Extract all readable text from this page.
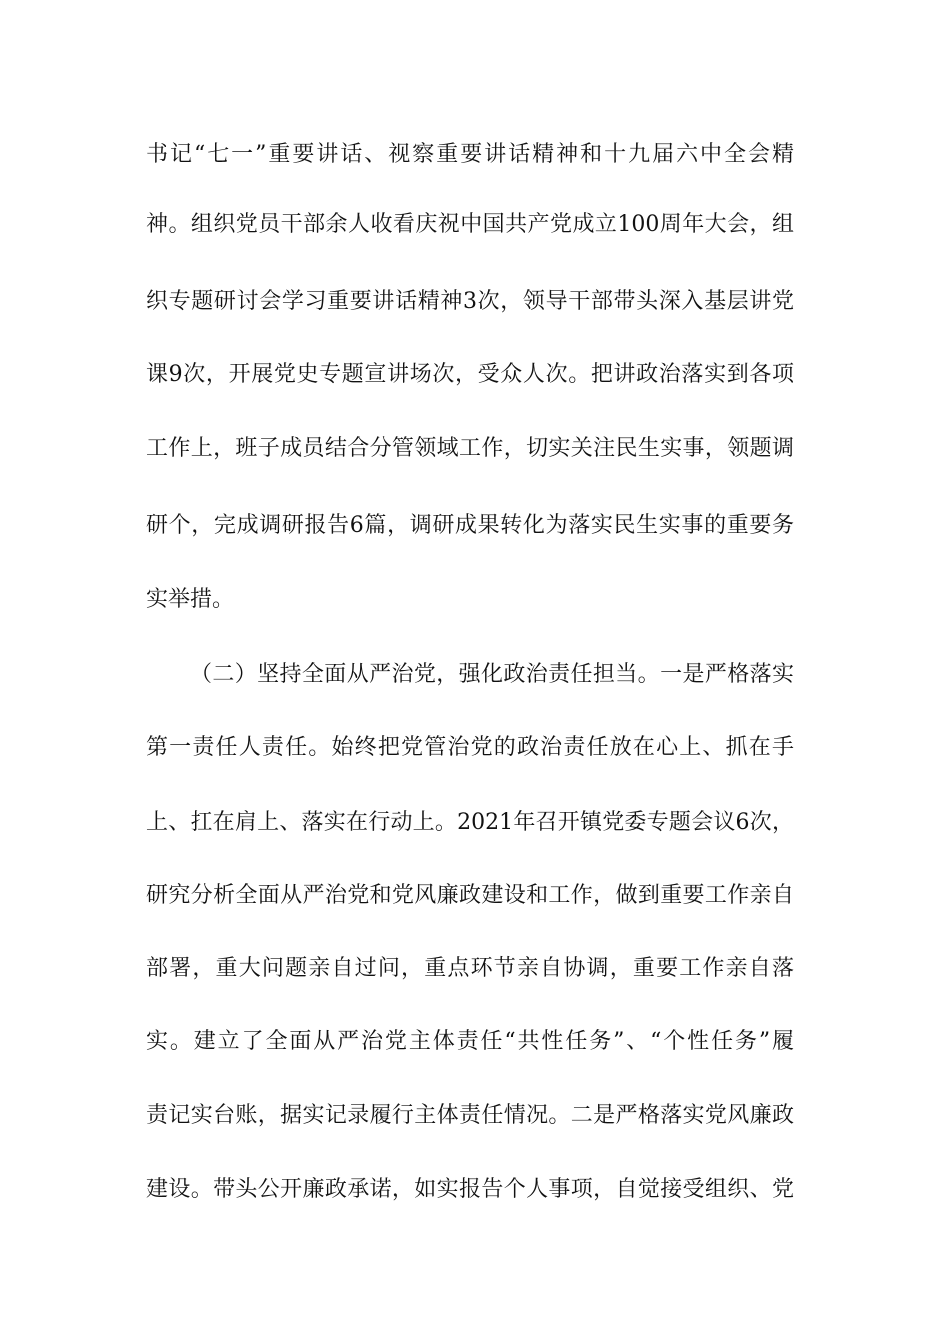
书记“七一”重要讲话、视察重要讲话精神和十九届六中全会精
神。组织党员干部余人收看庆祝中国共产党成立100周年大会，组
织专题研讨会学习重要讲话精神3次，领导干部带头深入基层讲党
课9次，开展党史专题宣讲场次，受众人次。把讲政治落实到各项
工作上，班子成员结合分管领域工作，切实关注民生实事，领题调
研个，完成调研报告6篇，调研成果转化为落实民生实事的重要务
实举措。
（二）坚持全面从严治党，强化政治责任担当。一是严格落实
第一责任人责任。始终把党管治党的政治责任放在心上、抓在手
上、扛在肩上、落实在行动上。2021年召开镇党委专题会议6次，
研究分析全面从严治党和党风廉政建设和工作，做到重要工作亲自
部署，重大问题亲自过问，重点环节亲自协调，重要工作亲自落
实。建立了全面从严治党主体责任“共性任务”、“个性任务”履
责记实台账，据实记录履行主体责任情况。二是严格落实党风廉政
建设。带头公开廉政承诺，如实报告个人事项，自觉接受组织、党
